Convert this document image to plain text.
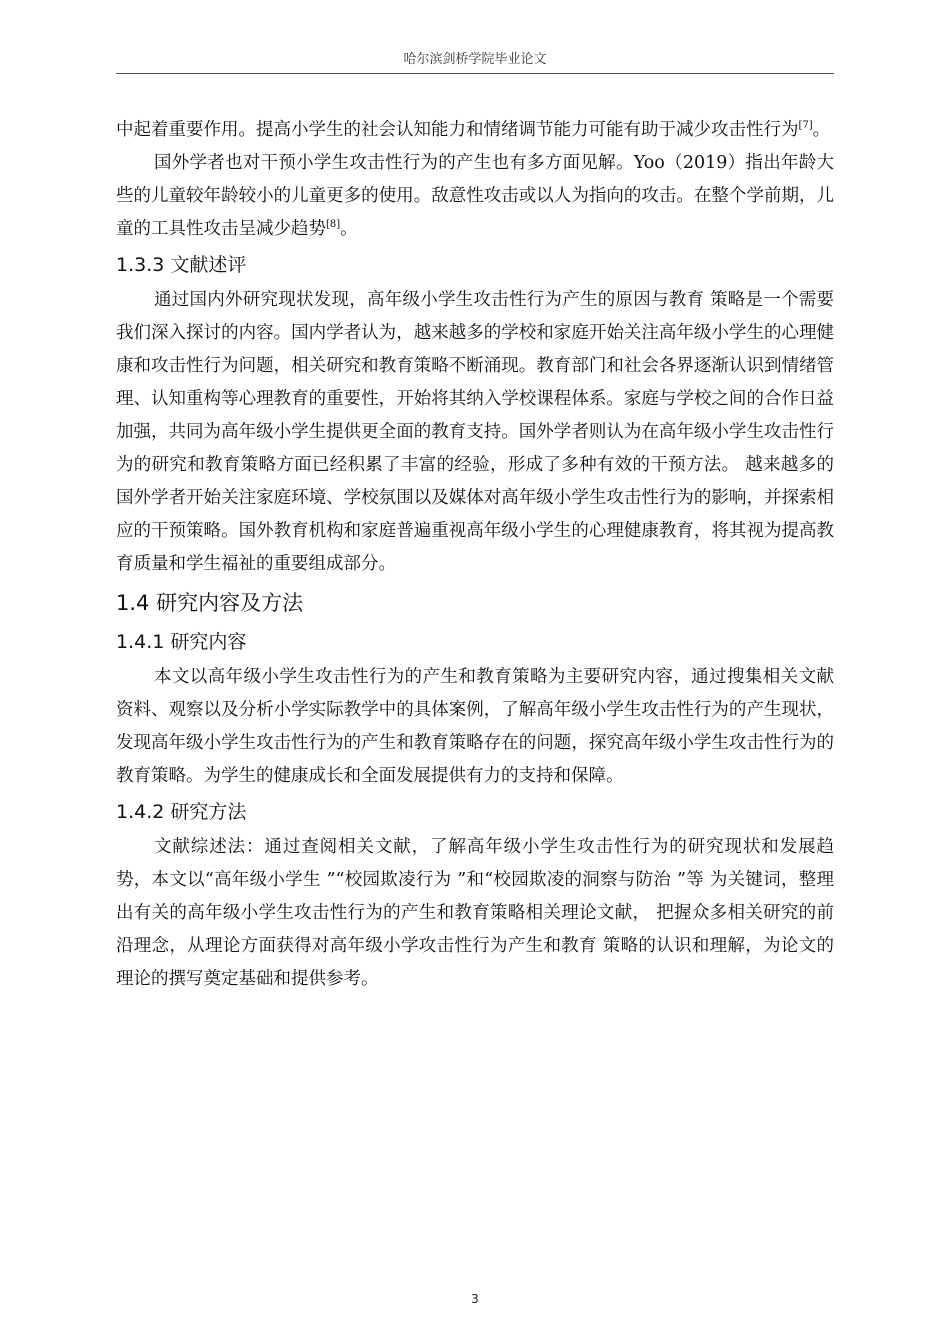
哈尔滨剑桥学院毕业论文

中起着重要作用。提高小学生的社会认知能力和情绪调节能力可能有助于减少攻击性行为[7]。

国外学者也对干预小学生攻击性行为的产生也有多方面见解。Yoo（2019）指出年龄大些的儿童较年龄较小的儿童更多的使用。敌意性攻击或以人为指向的攻击。在整个学前期，儿童的工具性攻击呈减少趋势[8]。

1.3.3 文献述评

通过国内外研究现状发现，高年级小学生攻击性行为产生的原因与教育 策略是一个需要我们深入探讨的内容。国内学者认为，越来越多的学校和家庭开始关注高年级小学生的心理健康和攻击性行为问题，相关研究和教育策略不断涌现。教育部门和社会各界逐渐认识到情绪管理、认知重构等心理教育的重要性，开始将其纳入学校课程体系。家庭与学校之间的合作日益加强，共同为高年级小学生提供更全面的教育支持。国外学者则认为在高年级小学生攻击性行为的研究和教育策略方面已经积累了丰富的经验，形成了多种有效的干预方法。 越来越多的国外学者开始关注家庭环境、学校氛围以及媒体对高年级小学生攻击性行为的影响，并探索相应的干预策略。国外教育机构和家庭普遍重视高年级小学生的心理健康教育，将其视为提高教育质量和学生福祉的重要组成部分。

1.4 研究内容及方法
1.4.1 研究内容

本文以高年级小学生攻击性行为的产生和教育策略为主要研究内容，通过搜集相关文献资料、观察以及分析小学实际教学中的具体案例，了解高年级小学生攻击性行为的产生现状，发现高年级小学生攻击性行为的产生和教育策略存在的问题，探究高年级小学生攻击性行为的教育策略。为学生的健康成长和全面发展提供有力的支持和保障。

1.4.2 研究方法

文献综述法：通过查阅相关文献，了解高年级小学生攻击性行为的研究现状和发展趋势，本文以“高年级小学生 ”“校园欺凌行为 ”和“校园欺凌的洞察与防治 ”等 为关键词，整理出有关的高年级小学生攻击性行为的产生和教育策略相关理论文献， 把握众多相关研究的前沿理念，从理论方面获得对高年级小学攻击性行为产生和教育 策略的认识和理解，为论文的理论的撰写奠定基础和提供参考。

3
